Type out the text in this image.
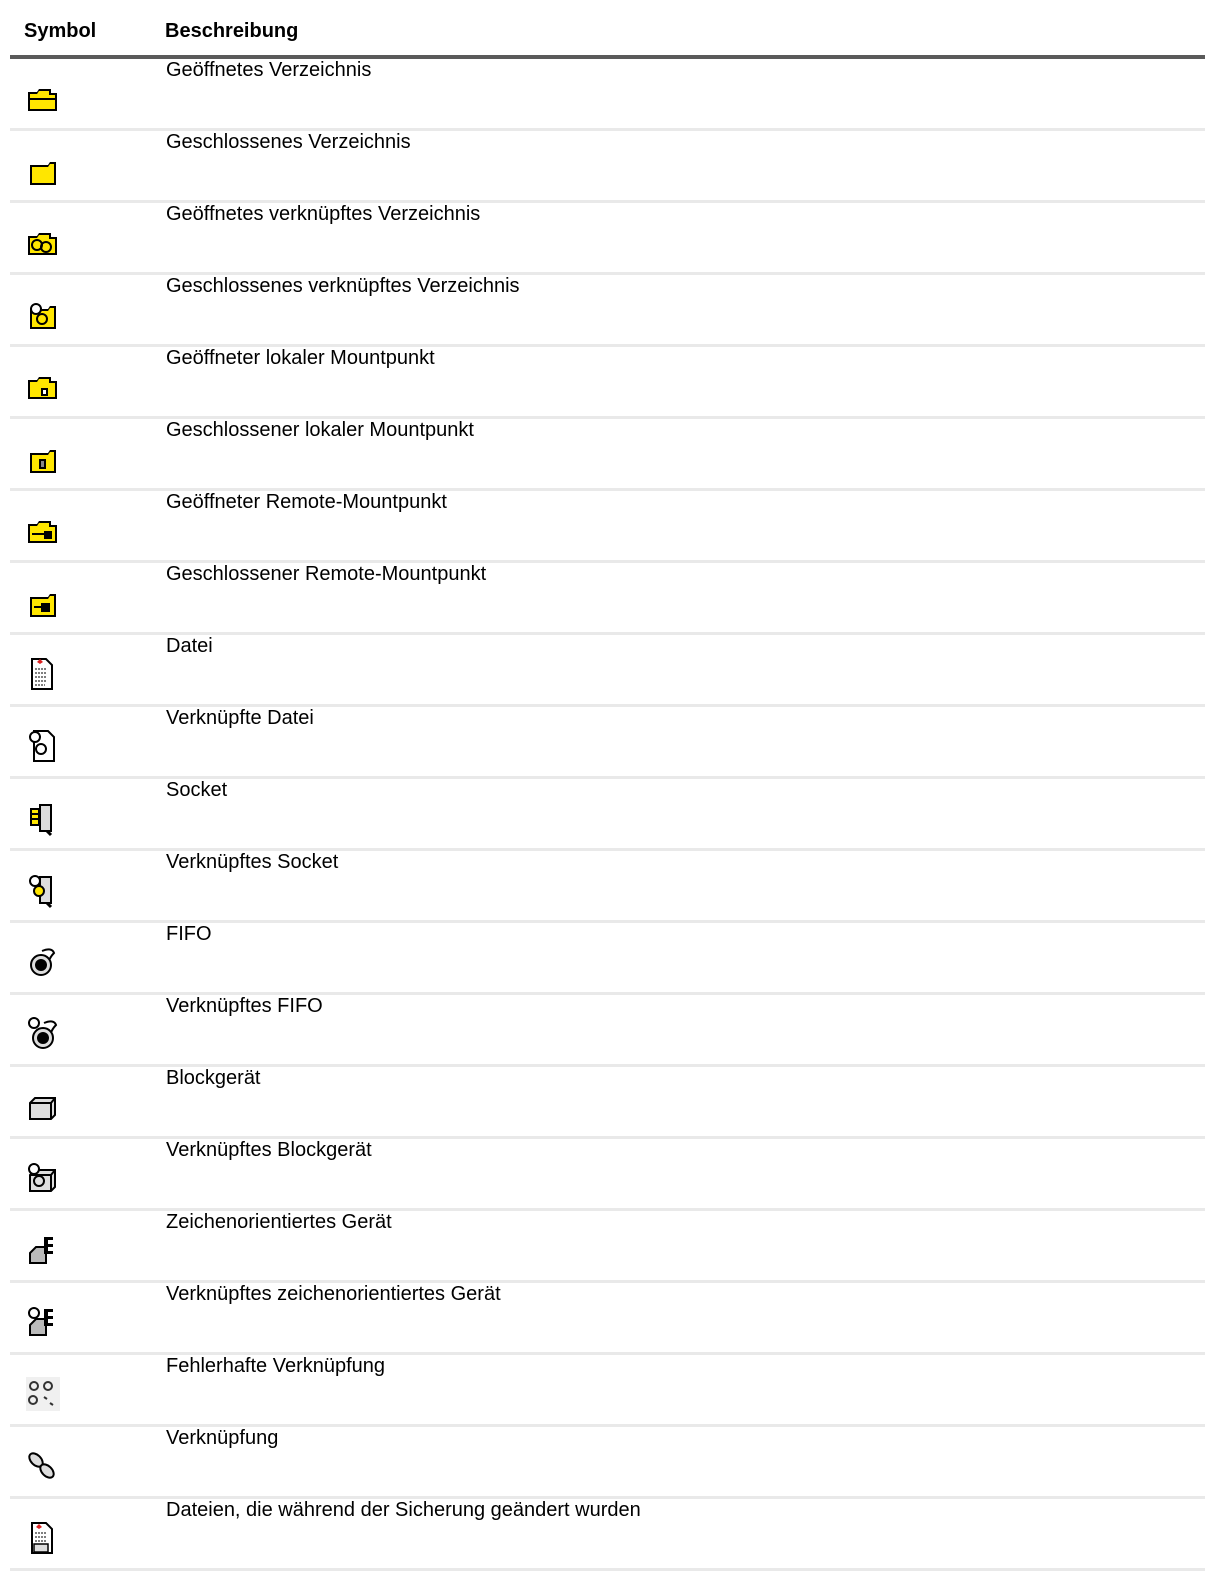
Symbol	Beschreibung
Geöffnetes Verzeichnis
Geschlossenes Verzeichnis
Geöffnetes verknüpftes Verzeichnis
Geschlossenes verknüpftes Verzeichnis
Geöffneter lokaler Mountpunkt
Geschlossener lokaler Mountpunkt
Geöffneter Remote-Mountpunkt
Geschlossener Remote-Mountpunkt
Datei
Verknüpfte Datei
Socket
Verknüpftes Socket
FIFO
Verknüpftes FIFO
Blockgerät
Verknüpftes Blockgerät
Zeichenorientiertes Gerät
Verknüpftes zeichenorientiertes Gerät
Fehlerhafte Verknüpfung
Verknüpfung
Dateien, die während der Sicherung geändert wurden
